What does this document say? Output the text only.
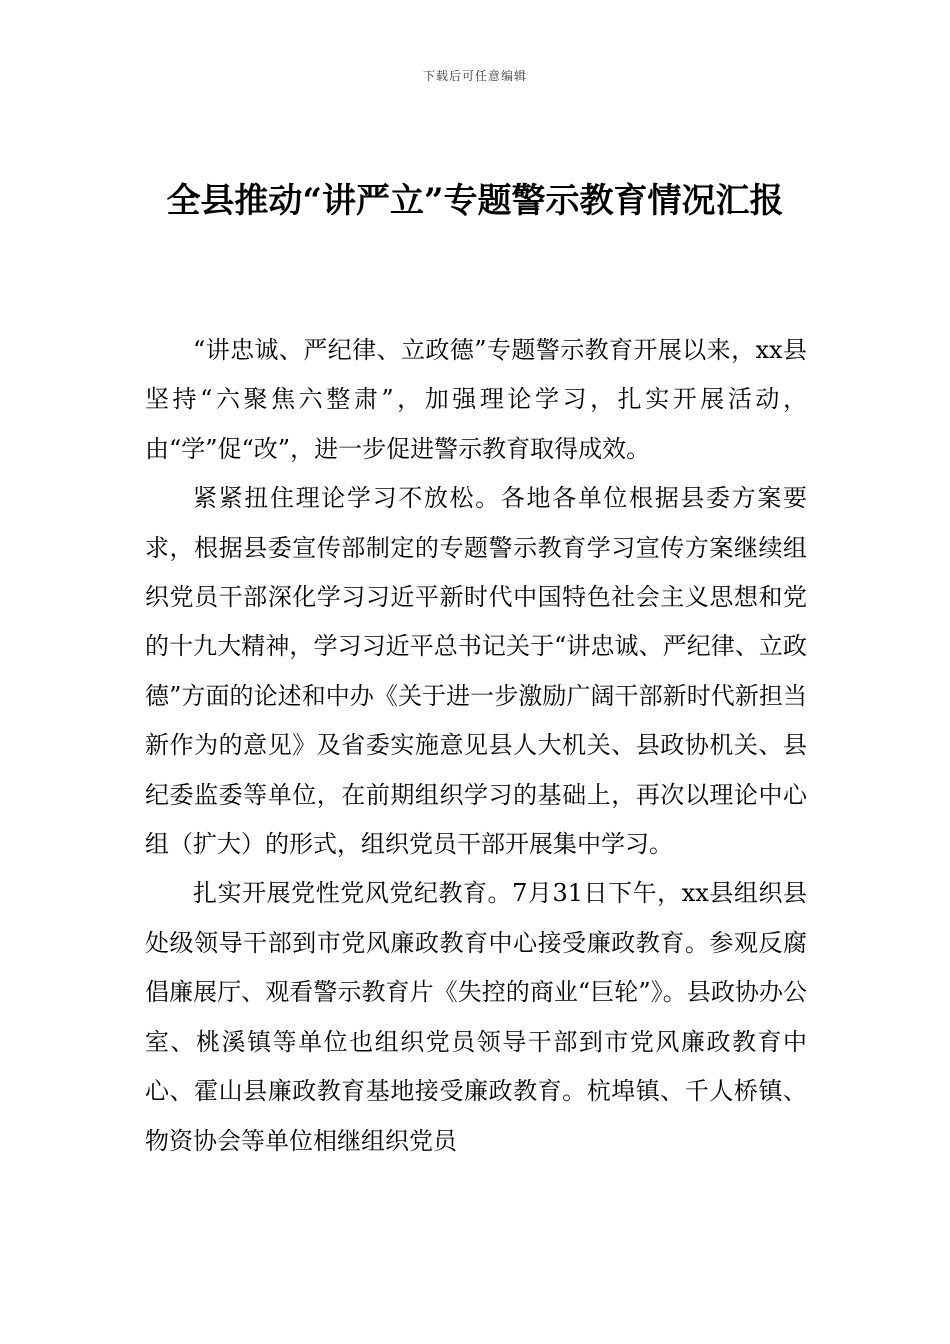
下载后可任意编辑
全县推动“讲严立”专题警示教育情况汇报

“讲忠诚、严纪律、立政德”专题警示教育开展以来，xx县坚持“六聚焦六整肃”，加强理论学习，扎实开展活动，由“学”促“改”，进一步促进警示教育取得成效。

紧紧扭住理论学习不放松。各地各单位根据县委方案要求，根据县委宣传部制定的专题警示教育学习宣传方案继续组织党员干部深化学习习近平新时代中国特色社会主义思想和党的十九大精神，学习习近平总书记关于“讲忠诚、严纪律、立政德”方面的论述和中办《关于进一步激励广阔干部新时代新担当新作为的意见》及省委实施意见县人大机关、县政协机关、县纪委监委等单位，在前期组织学习的基础上，再次以理论中心组（扩大）的形式，组织党员干部开展集中学习。

扎实开展党性党风党纪教育。7月31日下午，xx县组织县处级领导干部到市党风廉政教育中心接受廉政教育。参观反腐倡廉展厅、观看警示教育片《失控的商业“巨轮”》。县政协办公室、桃溪镇等单位也组织党员领导干部到市党风廉政教育中心、霍山县廉政教育基地接受廉政教育。杭埠镇、千人桥镇、物资协会等单位相继组织党员
